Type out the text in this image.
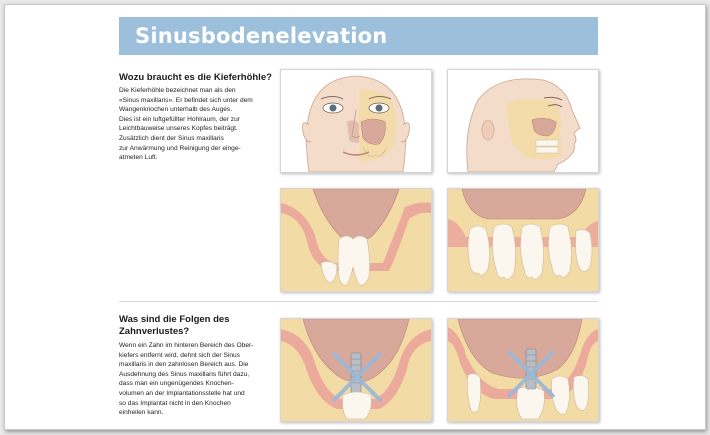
Sinusbodenelevation
Wozu braucht es die Kieferhöhle?
Die Kieferhöhle bezeichnet man als den
«Sinus maxillaris». Er befindet sich unter dem
Wangenknochen unterhalb des Auges.
Dies ist ein luftgefüllter Hohlraum, der zur
Leichtbauweise unseres Kopfes beiträgt.
Zusätzlich dient der Sinus maxillaris
zur Anwärmung und Reinigung der einge-
atmeten Luft.
Was sind die Folgen des
Zahnverlustes?
Wenn ein Zahn im hinteren Bereich des Ober-
kiefers entfernt wird, dehnt sich der Sinus
maxillaris in den zahnlosen Bereich aus. Die
Ausdehnung des Sinus maxillaris führt dazu,
dass man ein ungenügendes Knochen-
volumen an der Implantationsstelle hat und
so das Implantat nicht in den Knochen
einheilen kann.
